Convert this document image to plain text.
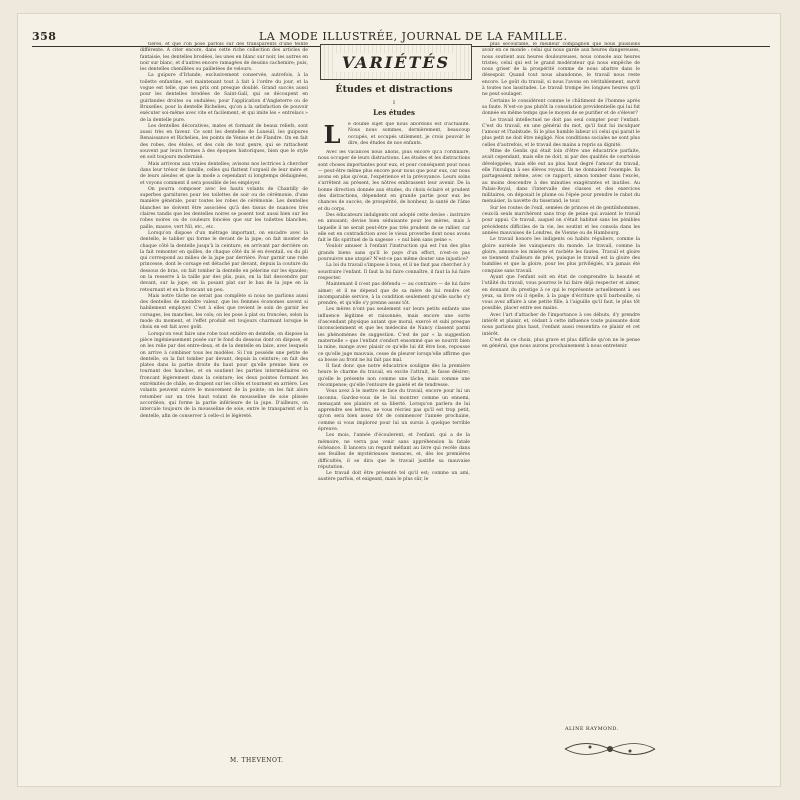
358	LA MODE ILLUSTRÉE, JOURNAL DE LA FAMILLE.

tières, et que l'on pose parfois sur des transparents d'une teinte différente. A citer encore, dans cette riche collection des articles de fantaisie, les dentelles brodées, les unes en blanc sur noir, les autres en noir sur blanc, et d'autres encore ramagées de dessins cachemire; puis, les dentelles chenillées ou pailletées de velours.

La guipure d'Irlande, exclusivement conservée, autrefois, à la toilette enfantine, est maintenant tout à fait à l'ordre du jour, et la vogue est telle, que ses prix ont presque doublé. Grand succès aussi pour les dentelles brodées de Saint-Gall, qui se découpent en guirlandes droites ou ondulées; pour l'application d'Angleterre ou de Bruxelles, pour la dentelle Richelieu, qu'on a la satisfaction de pouvoir exécuter soi-même avec vite et facilement, et qui imite les « entrelacs » de la dentelle pure.

Les dentelles décoratives, mates et formant de beaux reliefs, sont aussi très en faveur. Ce sont les dentelles de Luxeuil, les guipures Renaissance et Richelieu, les points de Venise et de Flandre. On en fait des robes, des étoles, et des cols de tout genre, qui se rattachent souvent par leurs formes à des époques historiques, bien que le style en soit toujours modernisé.

Mais arrivons aux vraies dentelles; avisons nos lectrices à chercher dans leur trésor de famille, celles qui flattent l'orgueil de leur mère et de leurs aïeules et que la mode a cependant si longtemps dédaignées, et voyons comment il sera possible de les employer.

On pourra composer avec les hauts volants de Chantilly de superbes garnitures pour les toilettes de soir ou de cérémonie, d'une manière générale, pour toutes les robes de cérémonie. Les dentelles blanches ne doivent être associées qu'à des tissus de nuances très claires tandis que les dentelles noires se posent tout aussi bien sur les robes noires ou de couleurs foncées que sur les toilettes blanches, paille, mauve, vert Nil, etc., etc.

Lorsqu'on dispose d'un métrage important, on encadre avec la dentelle, le tablier qui forme le devant de la jupe; on fait monter de chaque côté la dentelle jusqu'à la ceinture, en arrivant par derrière on la fait remonter en quilles, de chaque côté du lé en éventail, ou du pli qui correspond au milieu de la jupe par derrière. Pour garnir une robe princesse, dont le corsage est détaché par devant, depuis la couture du dessous de bras, on fait tomber la dentelle en pèlerine sur les épaules; on la resserre à la taille par des plis, puis, on la fait descendre par devant, sur la jupe, en la posant plat sur le bas de la jupe en la retournant et en la froncant un peu.

Mais notre tâche ne serait pas complète si nous ne parlions aussi des dentelles de moindre valeur, que les femmes économes savent si habilement employer. C'est à elles que revient le soin de garnir les corsages, les manches, les cols; on les pose à plat ou froncées, selon la mode du moment, et l'effet produit est toujours charmant lorsque le choix en est fait avec goût.

Lorsqu'on veut faire une robe tout entière en dentelle, on dispose la pièce ingénieusement posée sur le fond du dessous dont on dispose, et on les relie par des entre-deux, et de la dentelle en laize, avec lesquels on arrive à combiner tous les modèles. Si l'on possède une petite de dentelle, on la fait tomber par devant, depuis la ceinture; on fait des plates dans la partie droite du haut pour qu'elle prenne bien ce tournant des hanches, et on soutient les parties intermédiaires en froncant légèrement dans la ceinture; les deux pointes formant les extrémités de châle, se drapent sur les côtés et tournent en arrière. Les volants peuvent suivre le mouvement de la pointe; on les fait alors retomber sur un très haut volant de mousseline de soie plissée accordéon, qui forme la partie inférieure de la jupe. D'ailleurs, on intercale toujours de la mousseline de soie, entre le transparent et la dentelle, afin de conserver à celle-ci le légèreté.

M. THEVENOT.
VARIÉTÉS
Études et distractions
I
Les études
L	e double sujet que nous abordons est d'actualité. Nous nous sommes, dernièrement, beaucoup occupés, et occupés utilement, je crois pouvoir le dire, des études de nos enfants.

Avec les vacances nous allons, plus encore qu'à l'ordinaire, nous occuper de leurs distractions. Les études et les distractions sont choses importantes pour eux, et pour conséquent pour nous — peut-être même plus encore pour nous que pour eux, car nous avons en plus qu'eux, l'expérience et la prévoyance. Leurs soins s'arrêtent au présent, les nôtres embrassent leur avenir. De la bonne direction donnée aux études, du choix éclairé et prudent des distractions, dépendent en grande partie pour eux les chances de succès, de prospérité, de bonheur, la santé de l'âme et du corps.

Des éducateurs indulgents ont adopté cette devise : instruire en amusant; devise bien séduisante pour les mères, mais à laquelle il ne serait peut-être pas très prudent de se rallier, car elle est en contradiction avec le vieux proverbe dont nous avons fait le fils spirituel de la sagesse : « nul bien sans peine ».

Vouloir amuser à l'enfant l'instruction qui est l'un des plus grands biens sans qu'il le paye d'un effort, n'est-ce pas poursuivre une utopie? N'est-ce pas même douter une injustice?

La loi du travail s'impose à tous, et il ne faut pas chercher à y soustraire l'enfant. Il faut la lui faire connaître, il faut la lui faire respecter.

Maintenant il n'est pas défendu — au contraire — de lui faire aimer; et il ne dépend que de sa mère de lui rendre cet incomparable service, à la condition seulement qu'elle sache s'y prendre, et qu'elle s'y prenne assez tôt.

Les mères n'ont pas seulement sur leurs petits enfants une influence légitime et raisonnée, mais encore une sorte d'ascendant physique autant que moral, exercé et subi presque inconsciemment et que les médecins de Nancy classent parmi les phénomènes de suggestion. C'est de par « la suggestion maternelle » que l'enfant s'endort ensommé que se nourrit bien la mine, mange avec plaisir ce qu'elle lui dit être bon, repousse ce qu'elle juge mauvais, cesse de pleurer lorsqu'elle affirme que sa bosse au front ne lui fait pas mal.

Il faut donc que notre éducatrice souligne dès la première heure le charme du travail, en excite l'attrait, le fasse désirer; qu'elle le présente non comme une tâche, mais comme une récompense; qu'elle l'entoure de gaieté et de tendresse.

Vous avez à le mettre en face du travail, encore pour lui un inconnu. Gardez-vous de le lui montrer comme un ennemi, menaçant ses plaisirs et sa liberté. Lorsqu'on parlera de lui apprendre ses lettres, ne vous récriez pas qu'il est trop petit, qu'on sera bien assez tôt de commencer l'année prochaine, comme si vous implorez pour lui un sursis à quelque terrible épreuve.

Les mois, l'année d'écoulerent, et l'enfant, qui a de la mémoire, ne verra pas venir sans appréhension la fatale échéance. Il lancera un regard méfiant au livre qui recèle dans ses feuilles de mystérieuses menaces, et, dès les premières difficultés, il se dira que le travail justifie sa mauvaise réputation.

Le travail doit être présenté tel qu'il est; comme un ami, austère parfois, et exigeant, mais le plus sûr, le

plus secourable, le meilleur compagnon que nous puissions avoir en ce monde : celui qui nous garde aux heures dangereuses, nous soutient aux heures douloureuses, nous console aux heures tristes; celui qui est le grand modérateur qui nous empêche de nous griser de la prospérité comme de nous abattre dans le désespoir. Quand tout nous abandonne, le travail nous reste encore. Le goût du travail, si nous l'avons en véritablement, survit à toutes nos lassitudes. Le travail trompe les longues heures qu'il ne peut soulager.

Certains le considèrent comme le châtiment de l'homme après sa faute. N'est-ce pas plutôt la consolation providentielle qui lui fut donnée en même temps que le moyen de se purifier et de s'élever?

Le travail intellectuel ne doit pas seul compter pour l'enfant. C'est du travail, en une général du mot, qu'il faut lui inculquer l'amour et l'habitude. Si le plus humble labeur ici celui qui parait le plus petit ne doit être négligé. Nos conditions sociales ne sont plus celles d'autrefois, et le travail des mains a repris sa dignité.

Mme de Genlis qui était loin d'être une éducatrice parfaite, avait cependant, mais elle ne doit, ni par des qualités de courtoisie développées, mais elle eut au plus haut degré l'amour du travail, elle l'inculqua à ses élèves royaux. Ils ne donnaient l'exemple. Ils partageaient même, avec ce rapport, simon tomber dans l'excès, au moins descendre à des minuties exagérantes et inutiles. Au Palais-Royal, dans l'intervalle des classes et des exercices militaires, on déposait le plume ou l'épée pour prendre le rabot du menuisier, la navette du tisserand, le tour.

Sur les routes de l'exil, semées de princes et de gentilshommes, ceux-là seuls marchèrent sans trop de peine qui avaient le travail pour appui. Ce travail, auquel on s'était habitué sans les pénibles précédents difficiles de la vie, les soutint et les consola dans les années mauvaises de Londres, de Vienne ou de Hambourg.

Le travail honore les indigents ou habits réguliers, comme la gloire auréole les vainqueurs du monde. Le travail, comme la gloire, annonce les misères et rachète les fautes. Travail et gloire se tiennent d'ailleurs de près, puisque le travail est la gloire des humbles et que la gloire, pour les plus privilégiés, n'a jamais été conquise sans travail.

Ayant que l'enfant soit en état de comprendre la beauté et l'utilité du travail, vous pourrez le lui faire déjà respecter et aimer, en donnant du prestige à ce qui le représente actuellement à ses yeux, sa livre où il épelle, à la page d'écriture qu'il barbouille, si vous avez affaire à une petite fille, à l'aiguille qu'il faut, le plus tôt possible, placer entre ses mains.

Avec l'art d'attacher de l'importance à ces débuts, d'y prendre intérêt et plaisir, et, cédant à cette influence toute puissante dont nous parlions plus haut, l'enfant aussi ressentira ce plaisir et cet intérêt.

C'est de ce choix, plus grave et plus difficile qu'on ne le pense en général, que nous aurons prochainement à nous entretenir.

ALINE RAYMOND.
